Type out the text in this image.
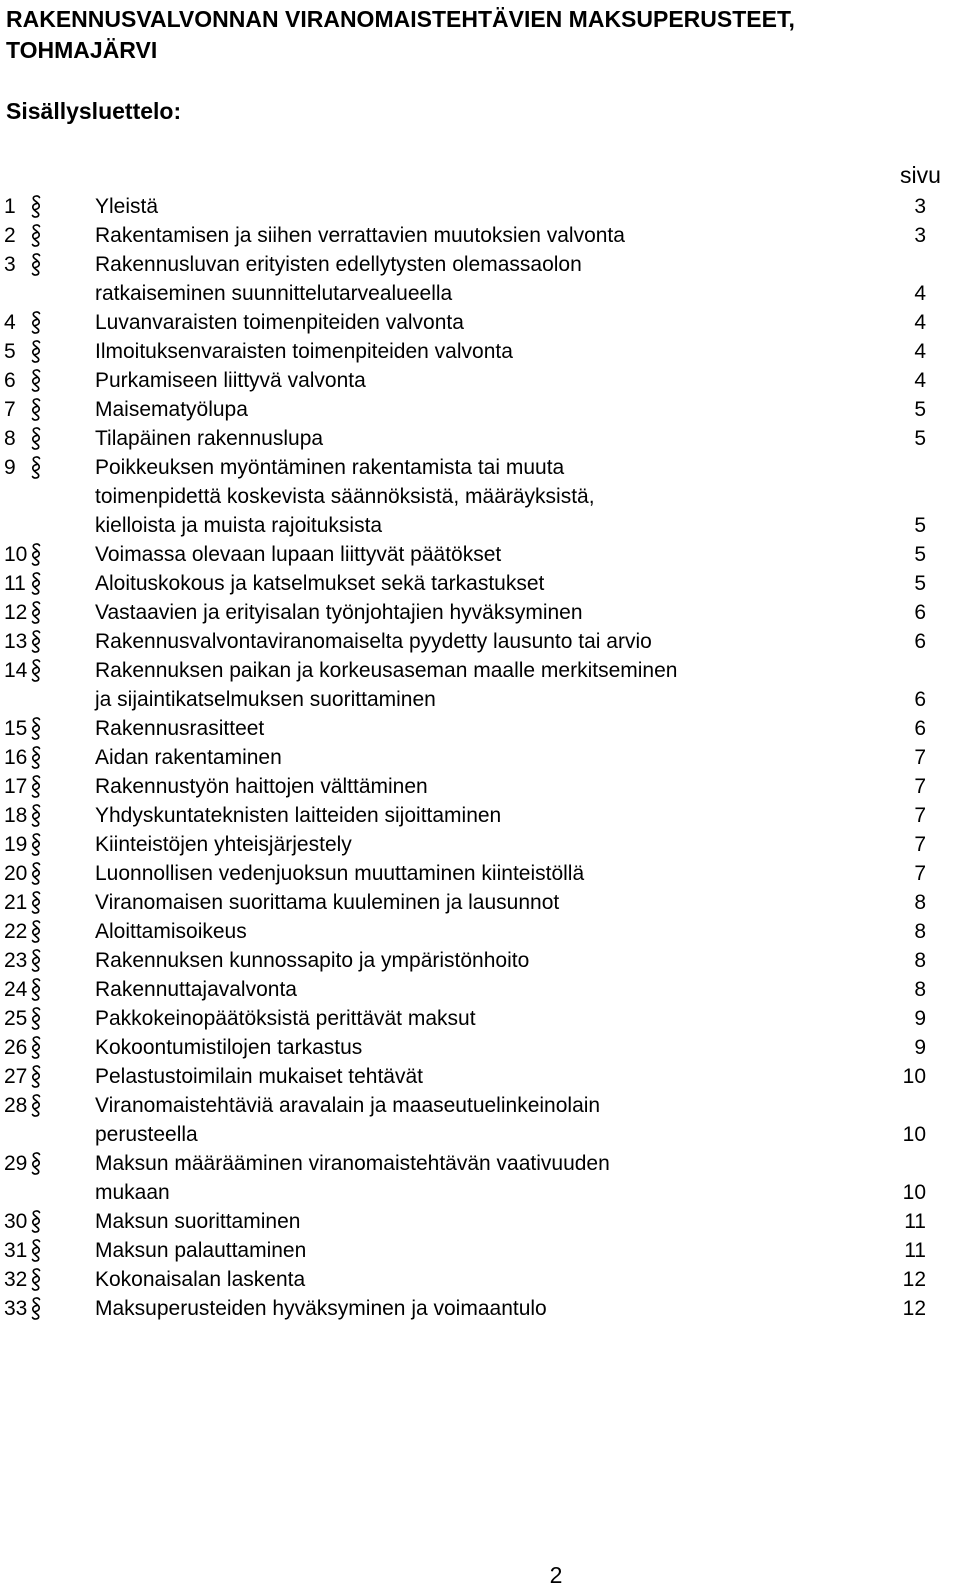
RAKENNUSVALVONNAN VIRANOMAISTEHTÄVIEN MAKSUPERUSTEET, TOHMAJÄRVI
Sisällysluettelo:
sivu
1	Yleistä	3
2	Rakentamisen ja siihen verrattavien muutoksien valvonta	3
3	Rakennusluvan erityisten edellytysten olemassaolon
ratkaiseminen suunnittelutarvealueella	4
4	Luvanvaraisten toimenpiteiden valvonta	4
5	Ilmoituksenvaraisten toimenpiteiden valvonta	4
6	Purkamiseen liittyvä valvonta	4
7	Maisematyölupa	5
8	Tilapäinen rakennuslupa	5
9	Poikkeuksen myöntäminen rakentamista tai muuta
toimenpidettä koskevista säännöksistä, määräyksistä,
kielloista ja muista rajoituksista	5
10	Voimassa olevaan lupaan liittyvät päätökset	5
11	Aloituskokous ja katselmukset sekä tarkastukset	5
12	Vastaavien ja erityisalan työnjohtajien hyväksyminen	6
13	Rakennusvalvontaviranomaiselta pyydetty lausunto tai arvio	6
14	Rakennuksen paikan ja korkeusaseman maalle merkitseminen
ja sijaintikatselmuksen suorittaminen	6
15	Rakennusrasitteet	6
16	Aidan rakentaminen	7
17	Rakennustyön haittojen välttäminen	7
18	Yhdyskuntateknisten laitteiden sijoittaminen	7
19	Kiinteistöjen yhteisjärjestely	7
20	Luonnollisen vedenjuoksun muuttaminen kiinteistöllä	7
21	Viranomaisen suorittama kuuleminen ja lausunnot	8
22	Aloittamisoikeus	8
23	Rakennuksen kunnossapito ja ympäristönhoito	8
24	Rakennuttajavalvonta	8
25	Pakkokeinopäätöksistä perittävät maksut	9
26	Kokoontumistilojen tarkastus	9
27	Pelastustoimilain mukaiset tehtävät	10
28	Viranomaistehtäviä aravalain ja maaseutuelinkeinolain
perusteella	10
29	Maksun määrääminen viranomaistehtävän vaativuuden
mukaan	10
30	Maksun suorittaminen	11
31	Maksun palauttaminen	11
32	Kokonaisalan laskenta	12
33	Maksuperusteiden hyväksyminen ja voimaantulo	12
2
